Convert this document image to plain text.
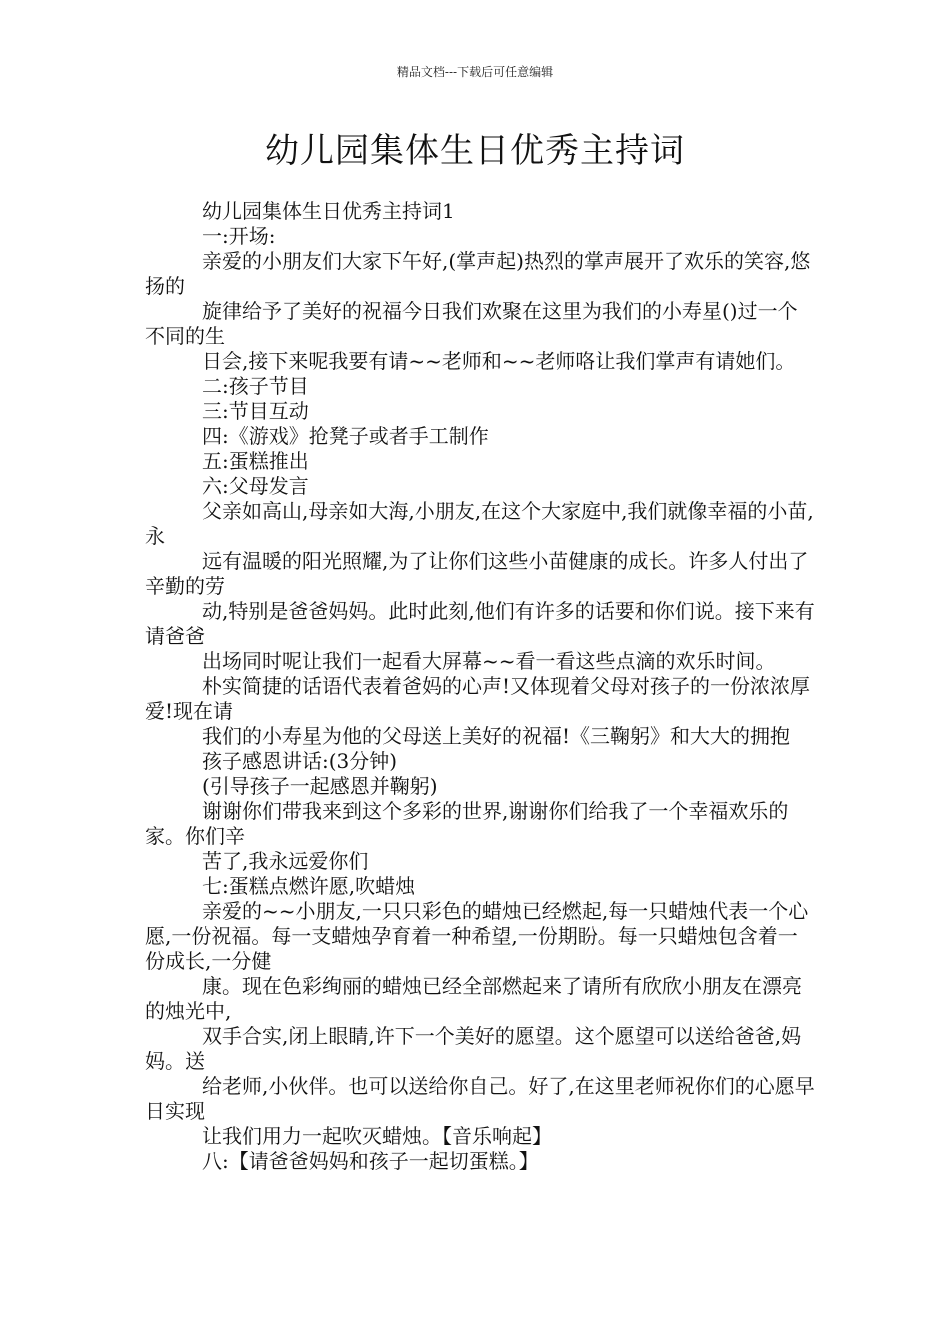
精品文档---下载后可任意编辑
幼儿园集体生日优秀主持词

幼儿园集体生日优秀主持词1

一:开场:

亲爱的小朋友们大家下午好,(掌声起)热烈的掌声展开了欢乐的笑容,悠扬的

旋律给予了美好的祝福今日我们欢聚在这里为我们的小寿星()过一个不同的生

日会,接下来呢我要有请~~老师和~~老师咯让我们掌声有请她们。

二:孩子节目

三:节目互动

四:《游戏》抢凳子或者手工制作

五:蛋糕推出

六:父母发言

父亲如高山,母亲如大海,小朋友,在这个大家庭中,我们就像幸福的小苗,永

远有温暖的阳光照耀,为了让你们这些小苗健康的成长。许多人付出了辛勤的劳

动,特别是爸爸妈妈。此时此刻,他们有许多的话要和你们说。接下来有请爸爸

出场同时呢让我们一起看大屏幕~~看一看这些点滴的欢乐时间。

朴实简捷的话语代表着爸妈的心声!又体现着父母对孩子的一份浓浓厚爱!现在请

我们的小寿星为他的父母送上美好的祝福!《三鞠躬》和大大的拥抱

孩子感恩讲话:(3分钟)

(引导孩子一起感恩并鞠躬)

谢谢你们带我来到这个多彩的世界,谢谢你们给我了一个幸福欢乐的家。你们辛

苦了,我永远爱你们

七:蛋糕点燃许愿,吹蜡烛

亲爱的~~小朋友,一只只彩色的蜡烛已经燃起,每一只蜡烛代表一个心愿,一份祝福。每一支蜡烛孕育着一种希望,一份期盼。每一只蜡烛包含着一份成长,一分健

康。现在色彩绚丽的蜡烛已经全部燃起来了请所有欣欣小朋友在漂亮的烛光中,

双手合实,闭上眼睛,许下一个美好的愿望。这个愿望可以送给爸爸,妈妈。送

给老师,小伙伴。也可以送给你自己。好了,在这里老师祝你们的心愿早日实现

让我们用力一起吹灭蜡烛。【音乐响起】

八:【请爸爸妈妈和孩子一起切蛋糕。】
